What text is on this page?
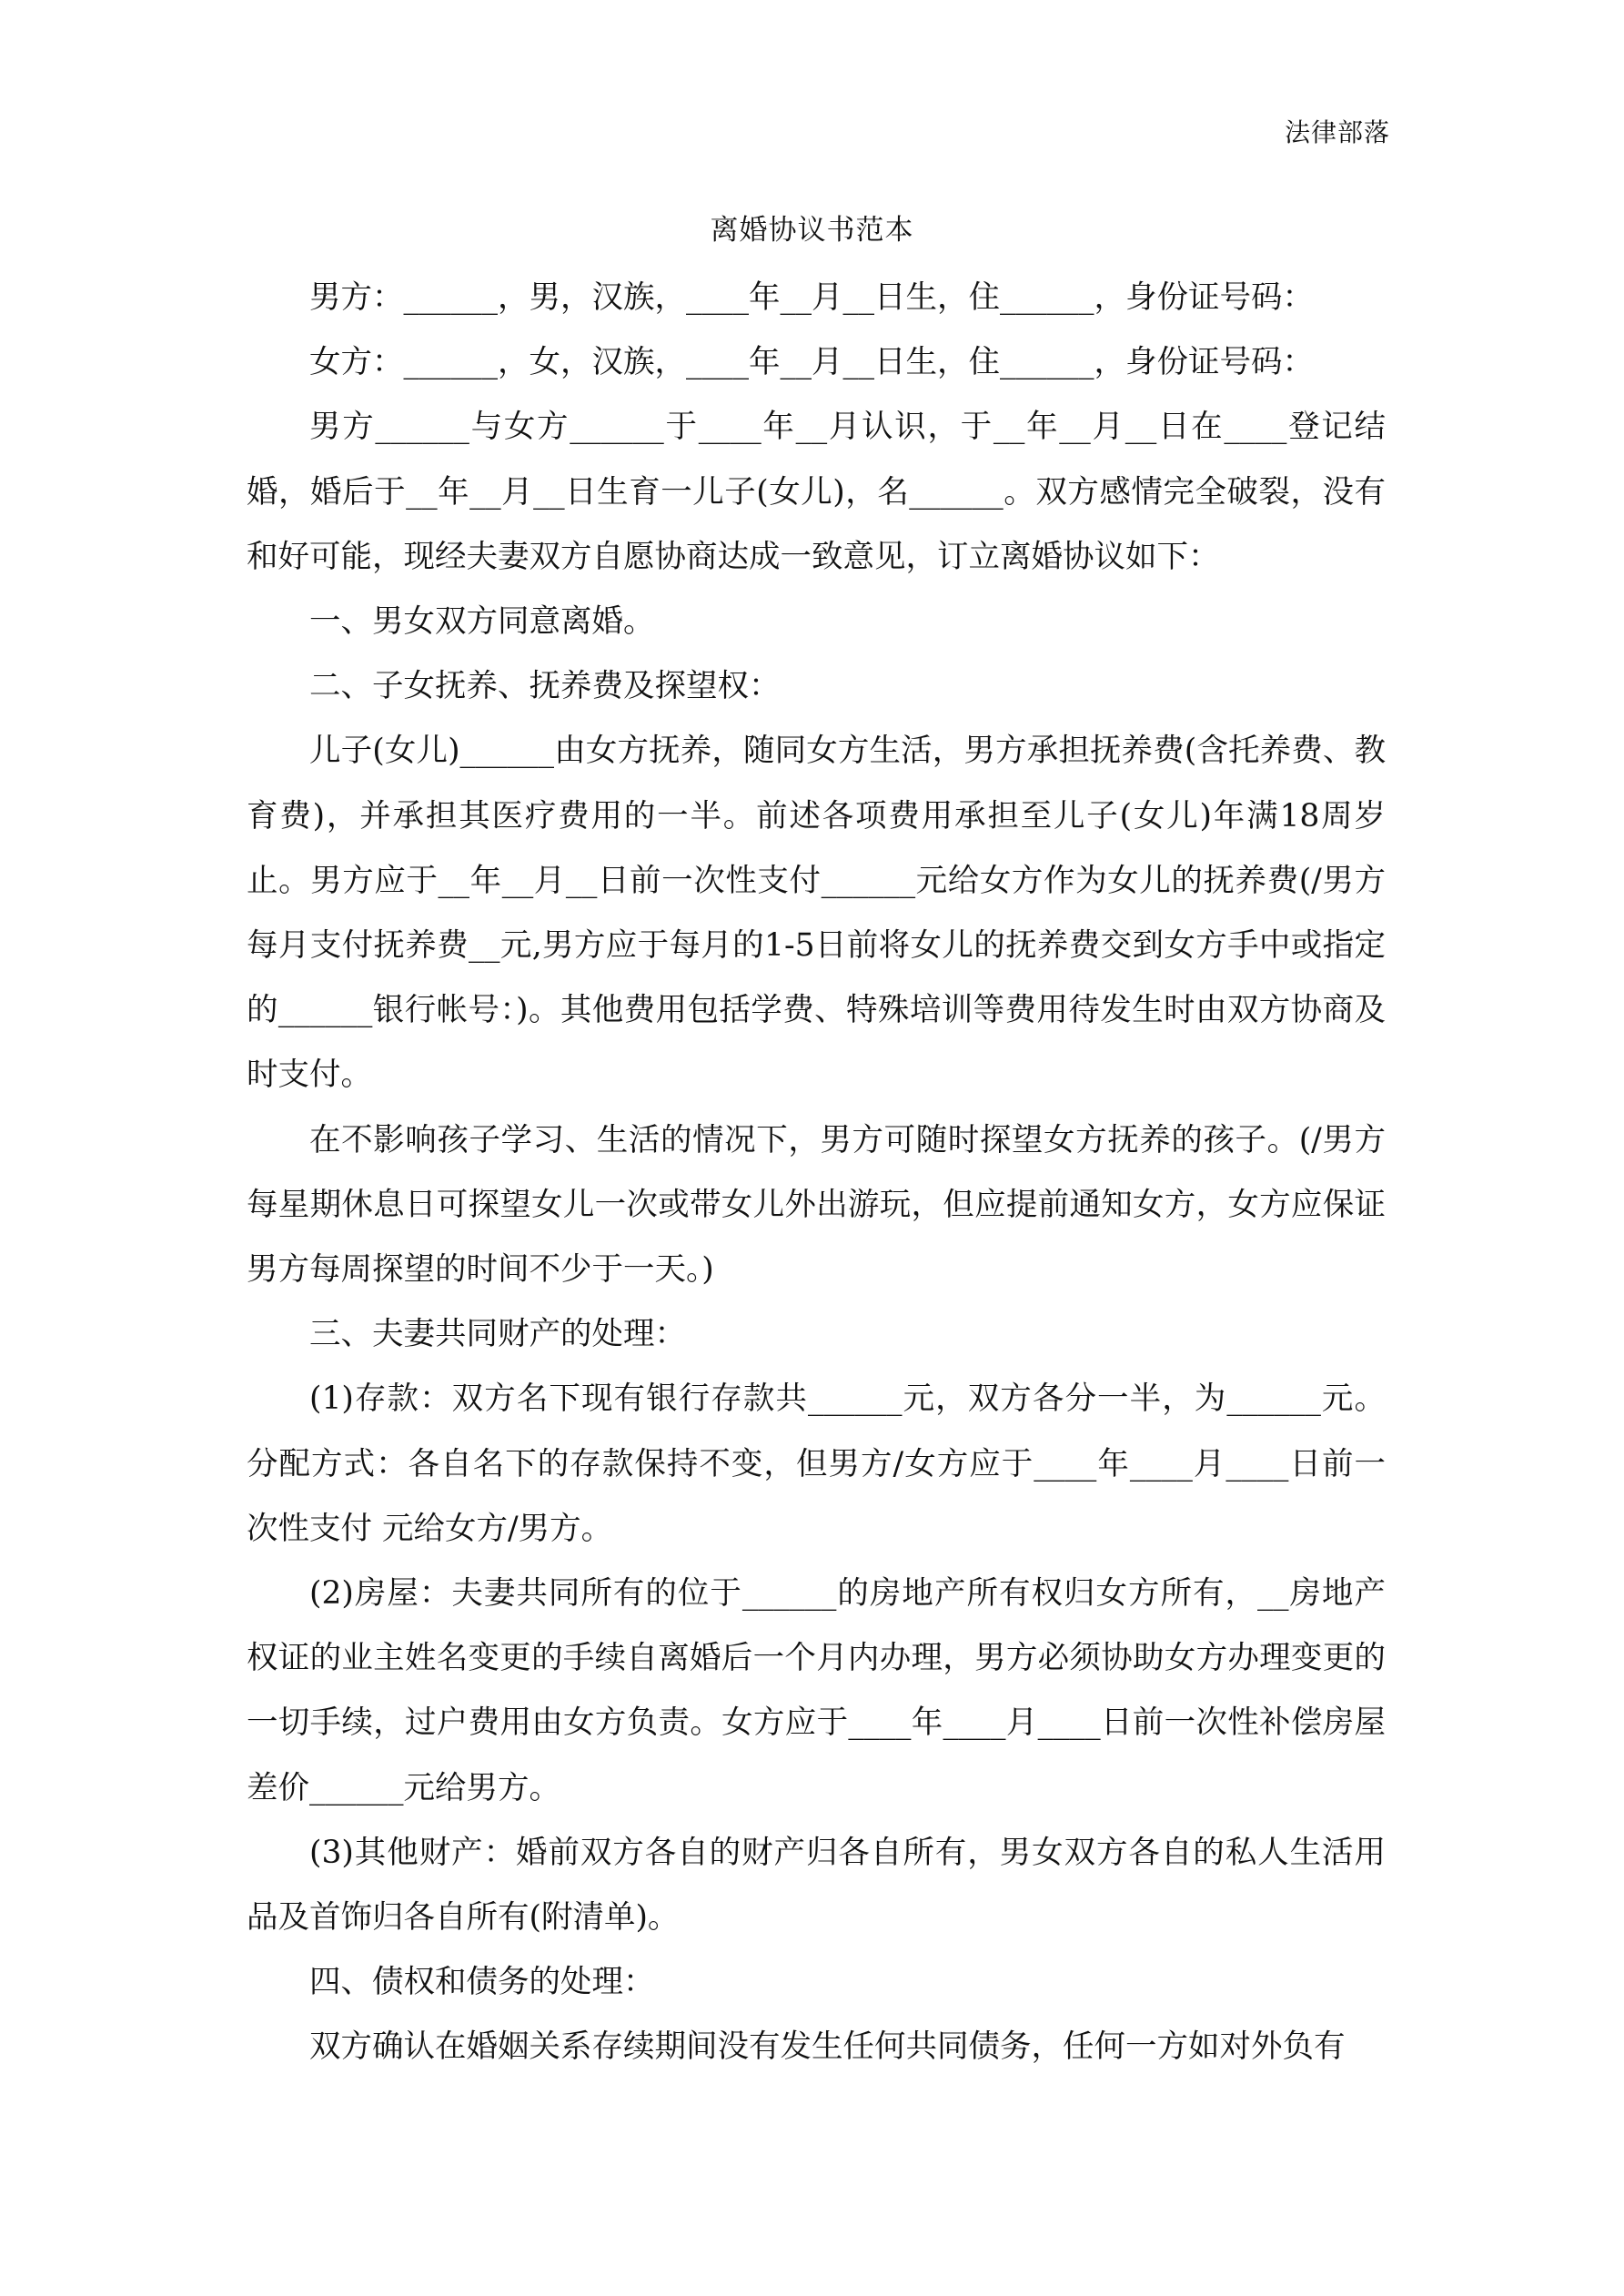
法律部落
离婚协议书范本

男方：______，男，汉族，____年__月__日生，住______，身份证号码：

女方：______，女，汉族，____年__月__日生，住______，身份证号码：

男方______与女方______于____年__月认识，于__年__月__日在____登记结婚，婚后于__年__月__日生育一儿子(女儿)，名______。双方感情完全破裂，没有和好可能，现经夫妻双方自愿协商达成一致意见，订立离婚协议如下：

一、男女双方同意离婚。

二、子女抚养、抚养费及探望权：

儿子(女儿)______由女方抚养，随同女方生活，男方承担抚养费(含托养费、教育费)，并承担其医疗费用的一半。前述各项费用承担至儿子(女儿)年满18周岁止。男方应于__年__月__日前一次性支付______元给女方作为女儿的抚养费(/男方每月支付抚养费__元,男方应于每月的1-5日前将女儿的抚养费交到女方手中或指定的______银行帐号：)。其他费用包括学费、特殊培训等费用待发生时由双方协商及时支付。

在不影响孩子学习、生活的情况下，男方可随时探望女方抚养的孩子。(/男方每星期休息日可探望女儿一次或带女儿外出游玩，但应提前通知女方，女方应保证男方每周探望的时间不少于一天。)

三、夫妻共同财产的处理：

(1)存款：双方名下现有银行存款共______元，双方各分一半，为______元。分配方式：各自名下的存款保持不变，但男方/女方应于____年____月____日前一次性支付 元给女方/男方。

(2)房屋：夫妻共同所有的位于______的房地产所有权归女方所有，__房地产权证的业主姓名变更的手续自离婚后一个月内办理，男方必须协助女方办理变更的一切手续，过户费用由女方负责。女方应于____年____月____日前一次性补偿房屋差价______元给男方。

(3)其他财产：婚前双方各自的财产归各自所有，男女双方各自的私人生活用品及首饰归各自所有(附清单)。

四、债权和债务的处理：

双方确认在婚姻关系存续期间没有发生任何共同债务，任何一方如对外负有
